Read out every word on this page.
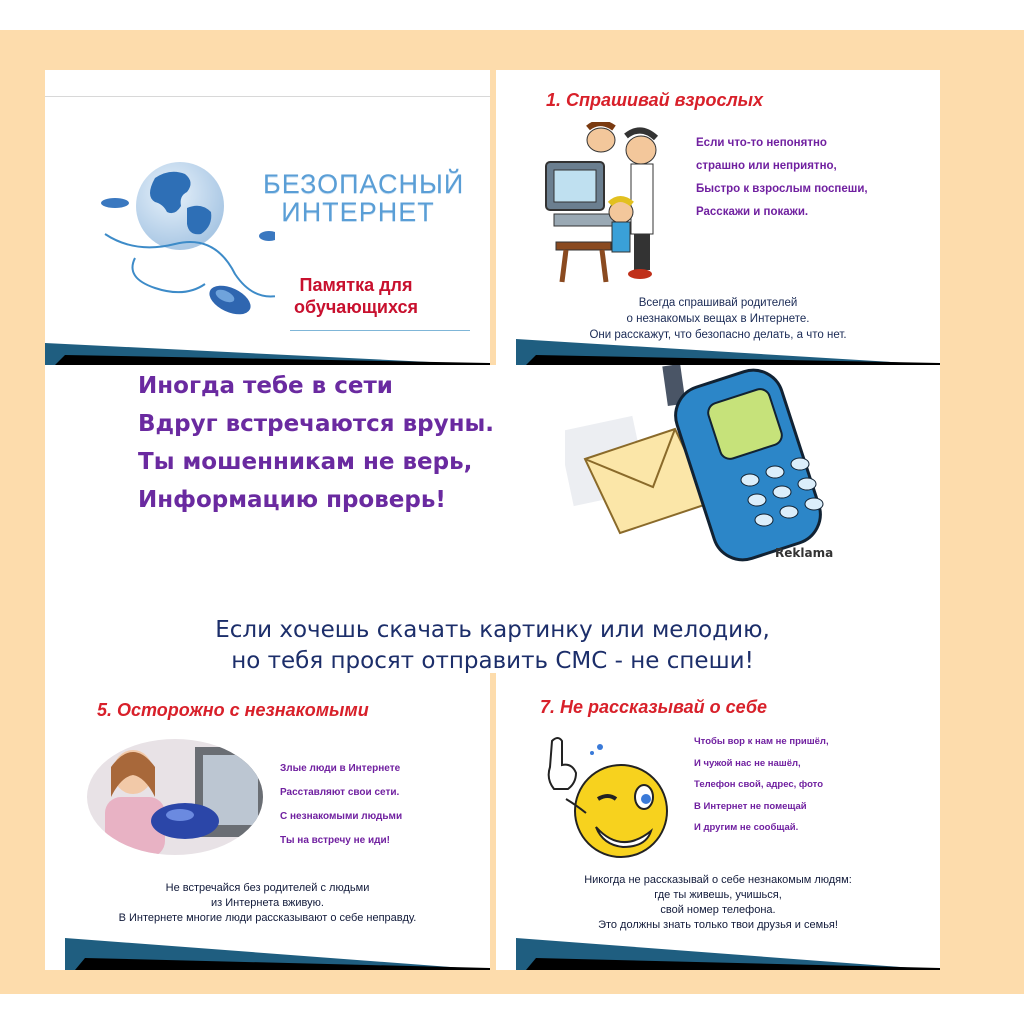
БЕЗОПАСНЫЙ
ИНТЕРНЕТ
Памятка для обучающихся
1. Спрашивай взрослых
Если что-то непонятно
страшно или неприятно,
Быстро к взрослым поспеши,
Расскажи и покажи.
Всегда спрашивай родителей
о незнакомых вещах в Интернете.
Они расскажут, что безопасно делать, а что нет.
Иногда тебе в сети
Вдруг встречаются вруны.
Ты мошенникам не верь,
Информацию проверь!
Reklama
Если хочешь скачать картинку или мелодию,
но тебя просят отправить СМС - не спеши!
5. Осторожно с незнакомыми
Злые люди в Интернете
Расставляют свои сети.
С незнакомыми людьми
Ты на встречу не иди!
Не встречайся без родителей с людьми
из Интернета вживую.
В Интернете многие люди рассказывают о себе неправду.
7. Не рассказывай о себе
Чтобы вор к нам не пришёл,
И чужой нас не нашёл,
Телефон свой, адрес, фото
В Интернет не помещай
И другим не сообщай.
Никогда не рассказывай о себе незнакомым людям:
где ты живешь, учишься,
свой номер телефона.
Это должны знать только твои друзья и семья!
